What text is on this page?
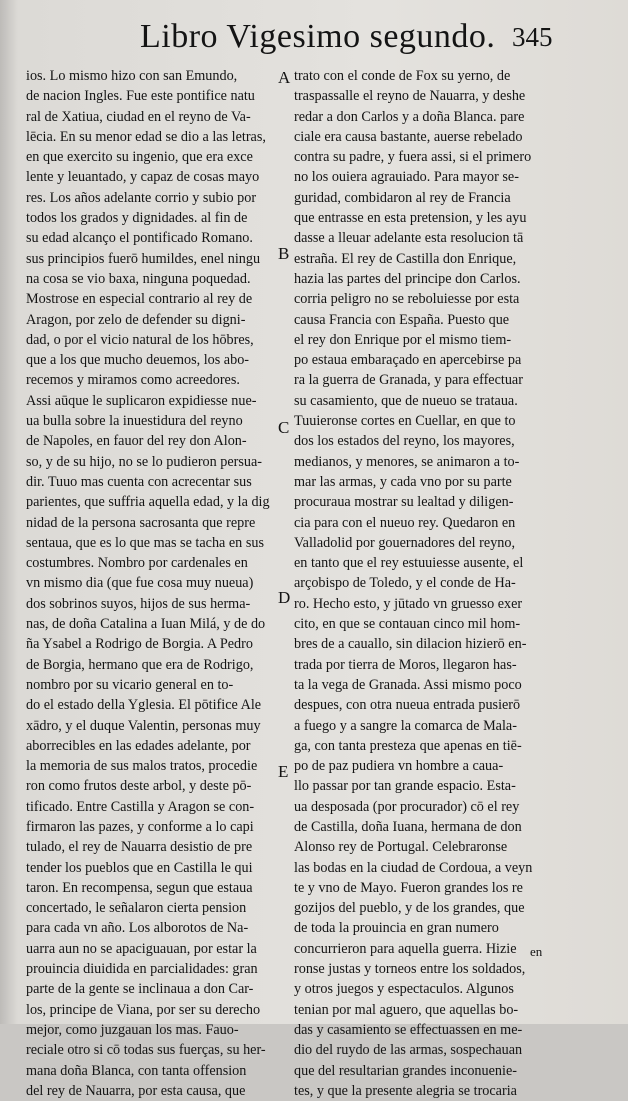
Libro Vigesimo segundo. 345
ios. Lo mismo hizo con san Emundo,
de nacion Ingles. Fue este pontifice natu
ral de Xatiua, ciudad en el reyno de Va-
lēcia. En su menor edad se dio a las letras,
en que exercito su ingenio, que era exce
lente y leuantado, y capaz de cosas mayo
res. Los años adelante corrio y subio por
todos los grados y dignidades. al fin de
su edad alcanço el pontificado Romano.
sus principios fuerō humildes, enel ningu
na cosa se vio baxa, ninguna poquedad.
Mostrose en especial contrario al rey de
Aragon, por zelo de defender su digni-
dad, o por el vicio natural de los hōbres,
que a los que mucho deuemos, los abo-
recemos y miramos como acreedores.
Assi aūque le suplicaron expidiesse nue-
ua bulla sobre la inuestidura del reyno
de Napoles, en fauor del rey don Alon-
so, y de su hijo, no se lo pudieron persua-
dir. Tuuo mas cuenta con acrecentar sus
parientes, que suffria aquella edad, y la dig
nidad de la persona sacrosanta que repre
sentaua, que es lo que mas se tacha en sus
costumbres. Nombro por cardenales en
vn mismo dia (que fue cosa muy nueua)
dos sobrinos suyos, hijos de sus herma-
nas, de doña Catalina a Iuan Milá, y de do
ña Ysabel a Rodrigo de Borgia. A Pedro
de Borgia, hermano que era de Rodrigo,
nombro por su vicario general en to-
do el estado della Yglesia. El pōtifice Ale
xādro, y el duque Valentin, personas muy
aborrecibles en las edades adelante, por
la memoria de sus malos tratos, procedie
ron como frutos deste arbol, y deste pō-
tificado. Entre Castilla y Aragon se con-
firmaron las pazes, y conforme a lo capi
tulado, el rey de Nauarra desistio de pre
tender los pueblos que en Castilla le qui
taron. En recompensa, segun que estaua
concertado, le señalaron cierta pension
para cada vn año. Los alborotos de Na-
uarra aun no se apaciguauan, por estar la
prouincia diuidida en parcialidades: gran
parte de la gente se inclinaua a don Car-
los, principe de Viana, por ser su derecho
mejor, como juzgauan los mas. Fauo-
reciale otro si cō todas sus fuerças, su her-
mana doña Blanca, con tanta offension
del rey de Nauarra, por esta causa, que
trato con el conde de Fox su yerno, de
traspassalle el reyno de Nauarra, y deshe
redar a don Carlos y a doña Blanca. pare
ciale era causa bastante, auerse rebelado
contra su padre, y fuera assi, si el primero
no los ouiera agrauiado. Para mayor se-
guridad, combidaron al rey de Francia
que entrasse en esta pretension, y les ayu
dasse a lleuar adelante esta resolucion tā
estraña. El rey de Castilla don Enrique,
hazia las partes del principe don Carlos.
corria peligro no se reboluiesse por esta
causa Francia con España. Puesto que
el rey don Enrique por el mismo tiem-
po estaua embaraçado en apercebirse pa
ra la guerra de Granada, y para effectuar
su casamiento, que de nueuo se trataua.
Tuuieronse cortes en Cuellar, en que to
dos los estados del reyno, los mayores,
medianos, y menores, se animaron a to-
mar las armas, y cada vno por su parte
procuraua mostrar su lealtad y diligen-
cia para con el nueuo rey. Quedaron en
Valladolid por gouernadores del reyno,
en tanto que el rey estuuiesse ausente, el
arçobispo de Toledo, y el conde de Ha-
ro. Hecho esto, y jūtado vn gruesso exer
cito, en que se contauan cinco mil hom-
bres de a cauallo, sin dilacion hizierō en-
trada por tierra de Moros, llegaron has-
ta la vega de Granada. Assi mismo poco
despues, con otra nueua entrada pusierō
a fuego y a sangre la comarca de Mala-
ga, con tanta presteza que apenas en tiē-
po de paz pudiera vn hombre a caua-
llo passar por tan grande espacio. Esta-
ua desposada (por procurador) cō el rey
de Castilla, doña Iuana, hermana de don
Alonso rey de Portugal. Celebraronse
las bodas en la ciudad de Cordoua, a veyn
te y vno de Mayo. Fueron grandes los re
gozijos del pueblo, y de los grandes, que
de toda la prouincia en gran numero
concurrieron para aquella guerra. Hizie
ronse justas y torneos entre los soldados,
y otros juegos y espectaculos. Algunos
tenian por mal aguero, que aquellas bo-
das y casamiento se effectuassen en me-
dio del ruydo de las armas, sospechauan
que del resultarian grandes inconuenie-
tes, y que la presente alegria se trocaria
A
B
C
D
E
en
